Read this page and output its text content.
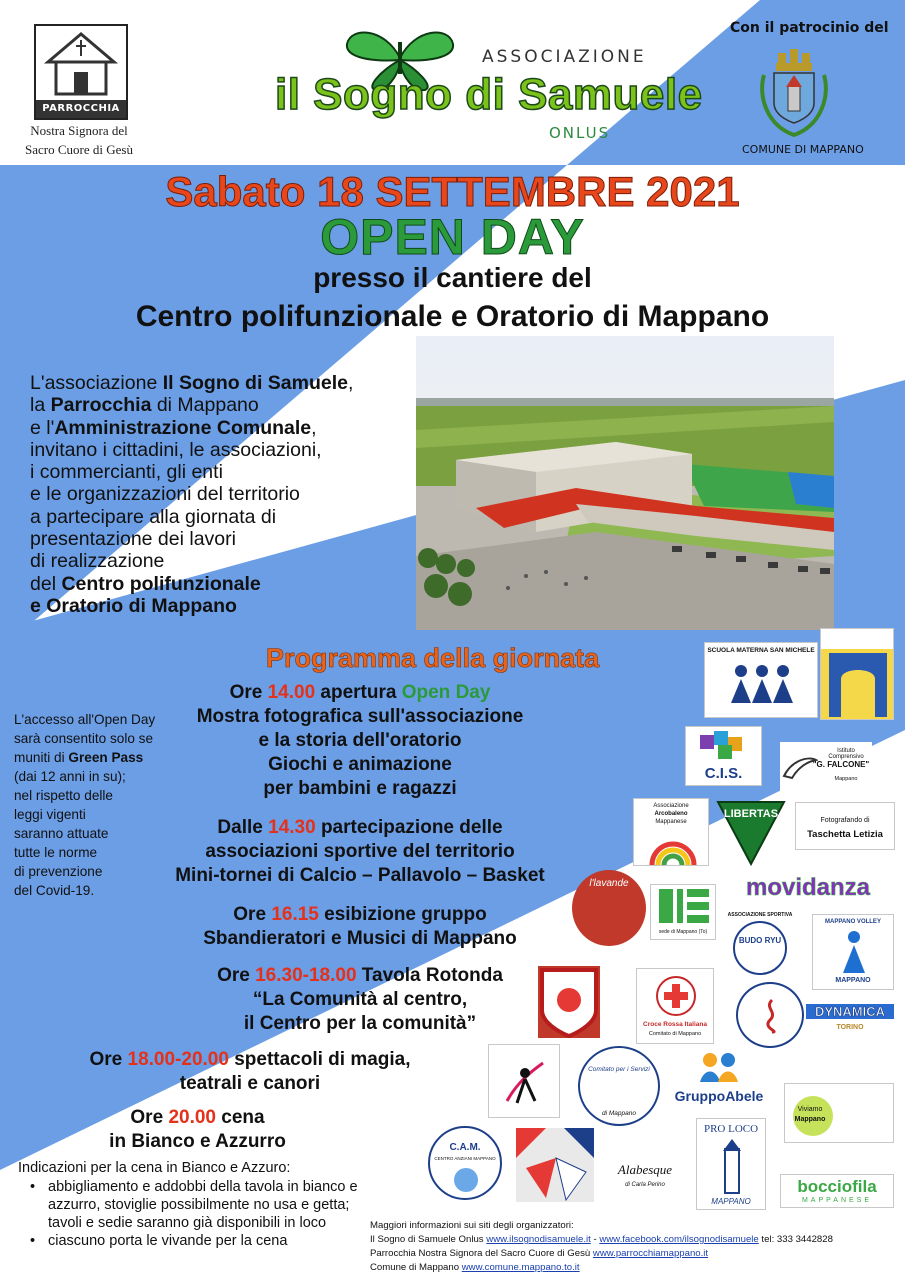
PARROCCHIA
Nostra Signora del
Sacro Cuore di Gesù
ASSOCIAZIONE
il Sogno di Samuele
ONLUS
Con il patrocinio del
COMUNE DI MAPPANO
Sabato 18 SETTEMBRE 2021
OPEN DAY
presso il cantiere del
Centro polifunzionale e Oratorio di Mappano
L'associazione Il Sogno di Samuele,
la Parrocchia di Mappano
e l'Amministrazione Comunale,
invitano i cittadini, le associazioni,
i commercianti, gli enti
e le organizzazioni del territorio
a partecipare alla giornata di
presentazione dei lavori
di realizzazione
del Centro polifunzionale
e Oratorio di Mappano
Programma della giornata
Ore 14.00 apertura Open Day
Mostra fotografica sull'associazione
e la storia dell'oratorio
Giochi e animazione
per bambini e ragazzi
Dalle 14.30 partecipazione delle
associazioni sportive del territorio
Mini-tornei di Calcio – Pallavolo – Basket
Ore 16.15 esibizione gruppo
Sbandieratori e Musici di Mappano
Ore 16.30-18.00 Tavola Rotonda
“La Comunità al centro,
il Centro per la comunità”
Ore 18.00-20.00 spettacoli di magia,
teatrali e canori
Ore 20.00 cena
in Bianco e Azzurro
L'accesso all'Open Day
sarà consentito solo se
muniti di Green Pass
(dai 12 anni in su);
nel rispetto delle
leggi vigenti
saranno attuate
tutte le norme
di prevenzione
del Covid-19.
Indicazioni per la cena in Bianco e Azzuro:
• abbigliamento e addobbi della tavola in bianco e azzurro, stoviglie possibilmente no usa e getta; tavoli e sedie saranno già disponibili in loco
• ciascuno porta le vivande per la cena
Maggiori informazioni sui siti degli organizzatori:
Il Sogno di Samuele Onlus www.ilsognodisamuele.it - www.facebook.com/ilsognodisamuele tel: 333 3442828
Parrocchia Nostra Signora del Sacro Cuore di Gesù www.parrocchiamappano.it
Comune di Mappano www.comune.mappano.to.it
SCUOLA MATERNA SAN MICHELE
C.I.S.
Istituto Comprensivo
"G. FALCONE"
Mappano
Associazione
Arcobaleno
Mappanese
LIBERTAS
Fotografando di
Taschetta Letizia
movidanza
l'lavande
sede di Mappano (To)
ASSOCIAZIONE SPORTIVA
BUDO RYU
MAPPANO VOLLEY
MAPPANO
Croce Rossa Italiana
Comitato di Mappano
DYNAMICA
TORINO
Comitato per i Servizi
di Mappano
GruppoAbele
Viviamo
Mappano
C.A.M.
CENTRO ANZIANI MAPPANO
Alabesque
di Carla Perino
PRO LOCO
MAPPANO
bocciofila
MAPPANESE
